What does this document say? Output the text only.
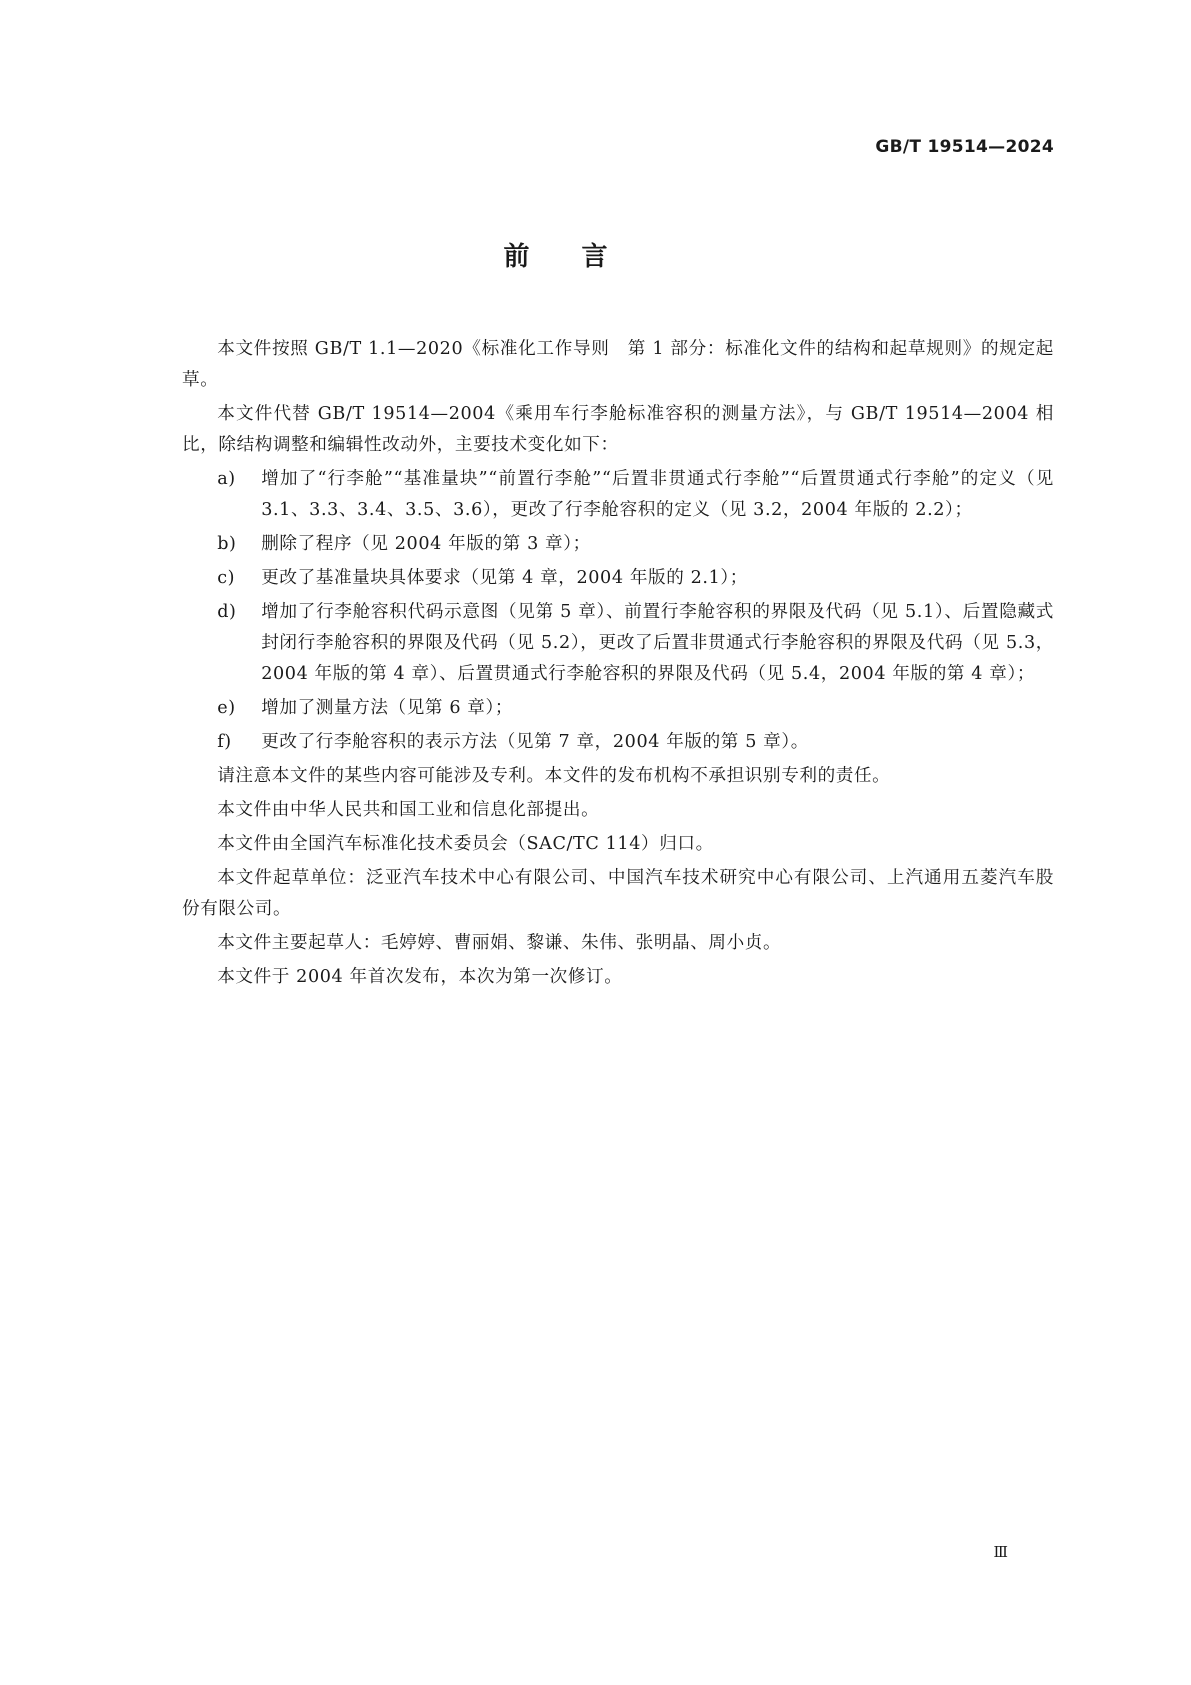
GB/T 19514—2024
前 言

本文件按照 GB/T 1.1—2020《标准化工作导则　第 1 部分：标准化文件的结构和起草规则》的规定起草。

本文件代替 GB/T 19514—2004《乘用车行李舱标准容积的测量方法》，与 GB/T 19514—2004 相比，除结构调整和编辑性改动外，主要技术变化如下：

a)	增加了“行李舱”“基准量块”“前置行李舱”“后置非贯通式行李舱”“后置贯通式行李舱”的定义（见 3.1、3.3、3.4、3.5、3.6），更改了行李舱容积的定义（见 3.2，2004 年版的 2.2）；
b)	删除了程序（见 2004 年版的第 3 章）；
c)	更改了基准量块具体要求（见第 4 章，2004 年版的 2.1）；
d)	增加了行李舱容积代码示意图（见第 5 章）、前置行李舱容积的界限及代码（见 5.1）、后置隐藏式封闭行李舱容积的界限及代码（见 5.2），更改了后置非贯通式行李舱容积的界限及代码（见 5.3，2004 年版的第 4 章）、后置贯通式行李舱容积的界限及代码（见 5.4，2004 年版的第 4 章）；
e)	增加了测量方法（见第 6 章）；
f)	更改了行李舱容积的表示方法（见第 7 章，2004 年版的第 5 章）。

请注意本文件的某些内容可能涉及专利。本文件的发布机构不承担识别专利的责任。

本文件由中华人民共和国工业和信息化部提出。

本文件由全国汽车标准化技术委员会（SAC/TC 114）归口。

本文件起草单位：泛亚汽车技术中心有限公司、中国汽车技术研究中心有限公司、上汽通用五菱汽车股份有限公司。

本文件主要起草人：毛婷婷、曹丽娟、黎谦、朱伟、张明晶、周小贞。

本文件于 2004 年首次发布，本次为第一次修订。

Ⅲ
